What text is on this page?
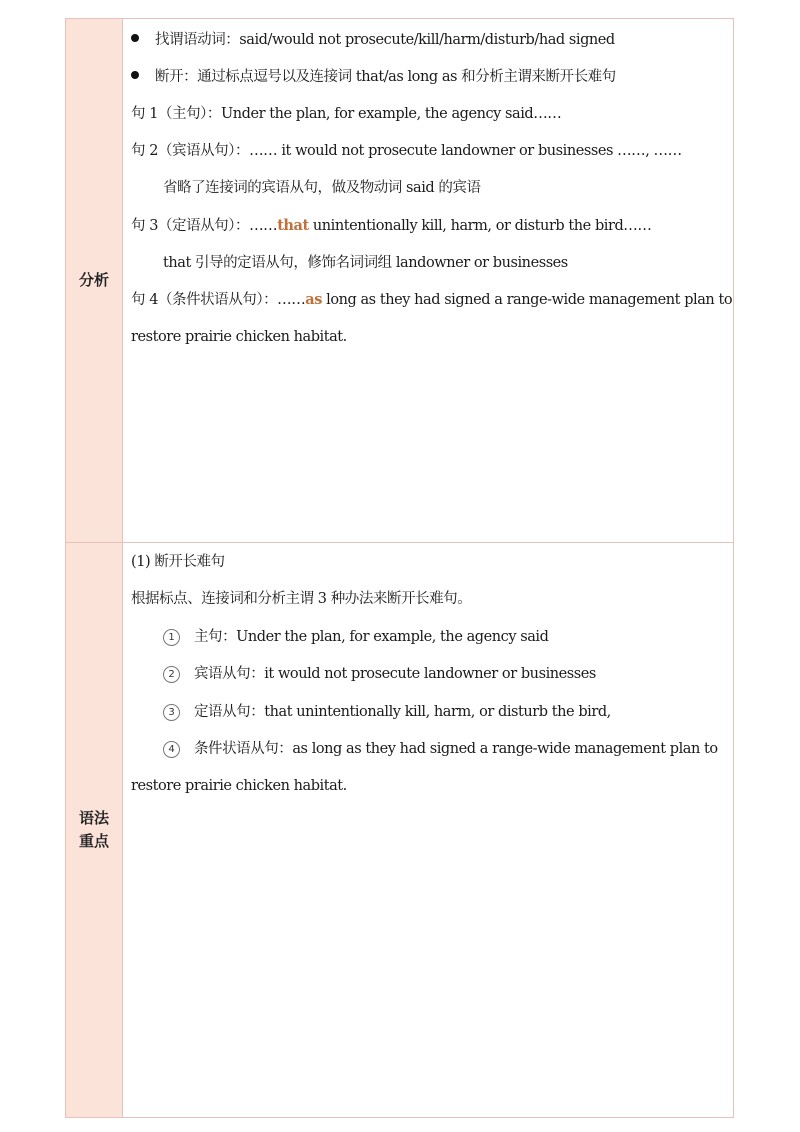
分析
找谓语动词：said/would not prosecute/kill/harm/disturb/had signed
断开：通过标点逗号以及连接词 that/as long as 和分析主谓来断开长难句
句 1（主句）：Under the plan, for example, the agency said……
句 2（宾语从句）：…… it would not prosecute landowner or businesses ……, ……
省略了连接词的宾语从句，做及物动词 said 的宾语
句 3（定语从句）：……that unintentionally kill, harm, or disturb the bird……
that 引导的定语从句，修饰名词词组 landowner or businesses
句 4（条件状语从句）：……as long as they had signed a range-wide management plan to
restore prairie chicken habitat.
语法
重点
(1) 断开长难句
根据标点、连接词和分析主谓 3 种办法来断开长难句。
1 主句：Under the plan, for example, the agency said
2 宾语从句：it would not prosecute landowner or businesses
3 定语从句：that unintentionally kill, harm, or disturb the bird,
4 条件状语从句：as long as they had signed a range-wide management plan to
restore prairie chicken habitat.
